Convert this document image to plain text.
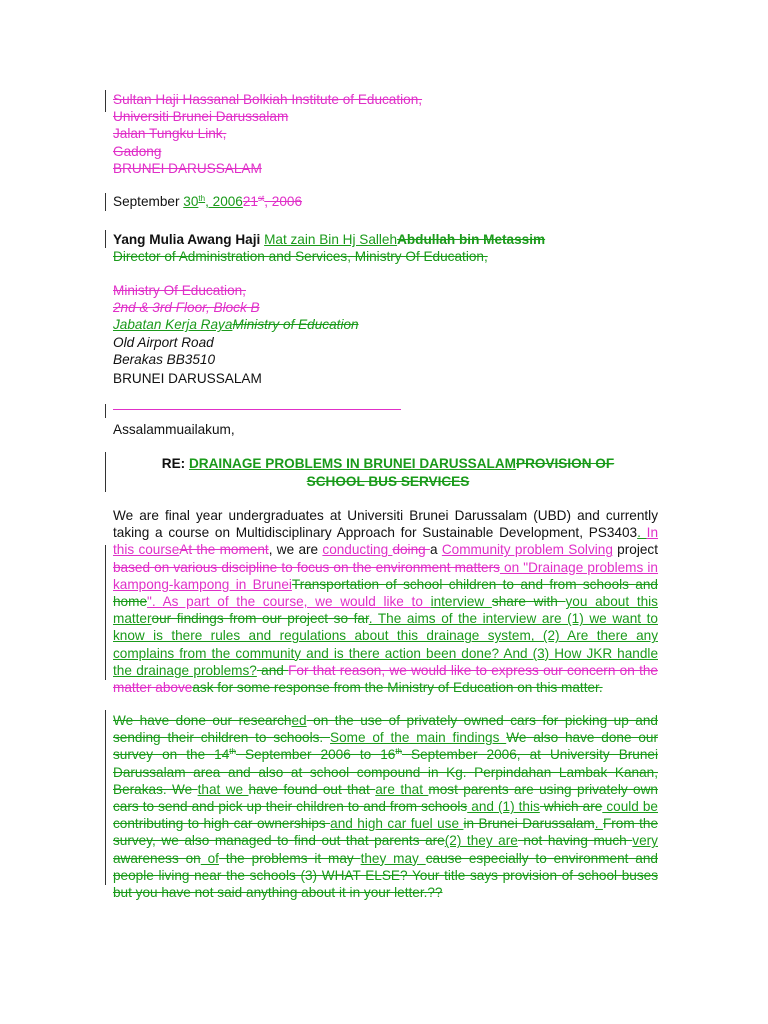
Sultan Haji Hassanal Bolkiah Institute of Education,
Universiti Brunei Darussalam
Jalan Tungku Link,
Gadong
BRUNEI DARUSSALAM
September 30th, 200621st, 2006
Yang Mulia Awang Haji Mat zain Bin Hj SallehAbdullah bin Metassim
Director of Administration and Services, Ministry Of Education,
Ministry Of Education,
2nd & 3rd Floor, Block B
Jabatan Kerja RayaMinistry of Education
Old Airport Road
Berakas BB3510
BRUNEI DARUSSALAM
Assalammuailakum,
RE: DRAINAGE PROBLEMS IN BRUNEI DARUSSALAMPROVISION OF
SCHOOL BUS SERVICES
We are final year undergraduates at Universiti Brunei Darussalam (UBD) and currently taking a course on Multidisciplinary Approach for Sustainable Development, PS3403. In this courseAt the moment, we are conducting doing a Community problem Solving project based on various discipline to focus on the environment matters on "Drainage problems in kampong-kampong in BruneiTransportation of school children to and from schools and home". As part of the course, we would like to interview share with you about this matterour findings from our project so far. The aims of the interview are (1) we want to know is there rules and regulations about this drainage system, (2) Are there any complains from the community and is there action been done? And (3) How JKR handle the drainage problems? and For that reason, we would like to express our concern on the matter aboveask for some response from the Ministry of Education on this matter.
We have done our researched on the use of privately owned cars for picking up and sending their children to schools. Some of the main findings We also have done our survey on the 14th September 2006 to 16th September 2006, at University Brunei Darussalam area and also at school compound in Kg. Perpindahan Lambak Kanan, Berakas. We that we have found out that are that most parents are using privately own cars to send and pick up their children to and from schools and (1) this which are could be contributing to high car ownerships and high car fuel use in Brunei Darussalam. From the survey, we also managed to find out that parents are(2) they are not having much very awareness on of the problems it may they may cause especially to environment and people living near the schools (3) WHAT ELSE? Your title says provision of school buses but you have not said anything about it in your letter.??
